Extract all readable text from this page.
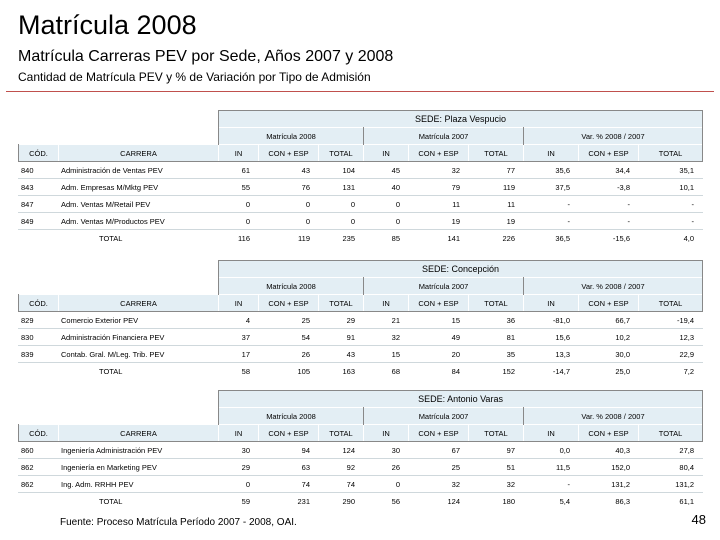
Matrícula 2008
Matrícula Carreras PEV por Sede, Años 2007 y 2008
Cantidad de Matrícula PEV y % de Variación por Tipo de Admisión
		SEDE: Plaza Vespucio								
		Matrícula 2008			Matrícula 2007			Var. % 2008 / 2007		
CÓD.	CARRERA	IN	CON + ESP	TOTAL	IN	CON + ESP	TOTAL	IN	CON + ESP	TOTAL
840	Administración de Ventas PEV	61	43	104	45	32	77	35,6	34,4	35,1
843	Adm. Empresas M/Mktg PEV	55	76	131	40	79	119	37,5	-3,8	10,1
847	Adm. Ventas M/Retail PEV	0	0	0	0	11	11	-	-	-
849	Adm. Ventas M/Productos PEV	0	0	0	0	19	19	-	-	-
	TOTAL	116	119	235	85	141	226	36,5	-15,6	4,0
		SEDE: Concepción								
		Matrícula 2008			Matrícula 2007			Var. % 2008 / 2007		
CÓD.	CARRERA	IN	CON + ESP	TOTAL	IN	CON + ESP	TOTAL	IN	CON + ESP	TOTAL
829	Comercio Exterior PEV	4	25	29	21	15	36	-81,0	66,7	-19,4
830	Administración Financiera PEV	37	54	91	32	49	81	15,6	10,2	12,3
839	Contab. Gral. M/Leg. Trib. PEV	17	26	43	15	20	35	13,3	30,0	22,9
	TOTAL	58	105	163	68	84	152	-14,7	25,0	7,2
		SEDE: Antonio Varas								
		Matrícula 2008			Matrícula 2007			Var. % 2008 / 2007		
CÓD.	CARRERA	IN	CON + ESP	TOTAL	IN	CON + ESP	TOTAL	IN	CON + ESP	TOTAL
860	Ingeniería Administración PEV	30	94	124	30	67	97	0,0	40,3	27,8
862	Ingeniería en Marketing PEV	29	63	92	26	25	51	11,5	152,0	80,4
862	Ing. Adm. RRHH PEV	0	74	74	0	32	32	-	131,2	131,2
	TOTAL	59	231	290	56	124	180	5,4	86,3	61,1
Fuente: Proceso Matrícula Período 2007 - 2008, OAI.	48
